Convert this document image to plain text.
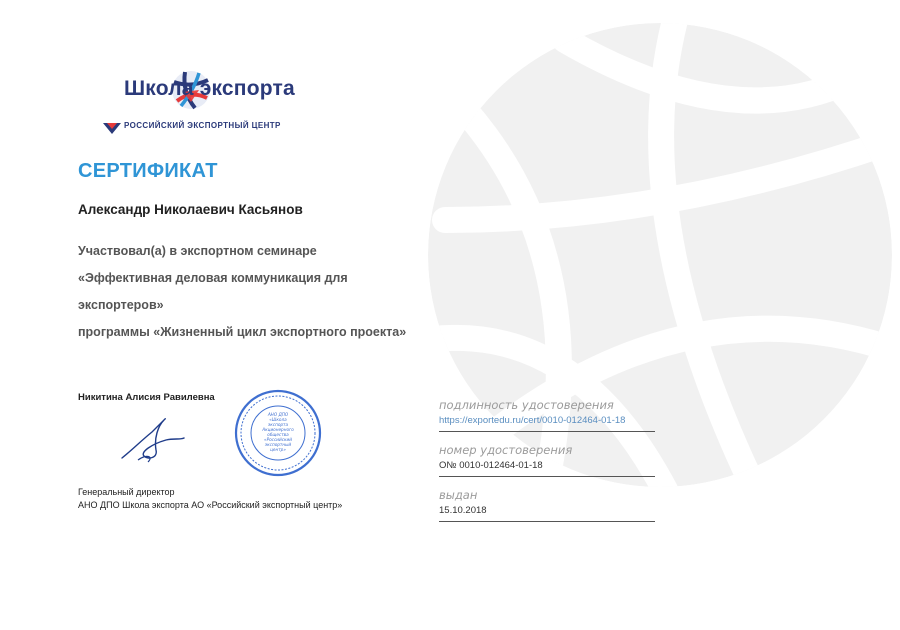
Школа экспорта
РОССИЙСКИЙ ЭКСПОРТНЫЙ ЦЕНТР
СЕРТИФИКАТ
Александр Николаевич Касьянов
Участвовал(а) в экспортном семинаре
«Эффективная деловая коммуникация для
экспортеров»
программы «Жизненный цикл экспортного проекта»
Никитина Алисия Равилевна
АНО ДПО
«Школа
экспорта
Акционерного
общества
«Российский
экспортный
центр»
Генеральный директор
АНО ДПО Школа экспорта АО «Российский экспортный центр»
подлинность удостоверения
https://exportedu.ru/cert/0010-012464-01-18
номер удостоверения
О№ 0010-012464-01-18
выдан
15.10.2018
